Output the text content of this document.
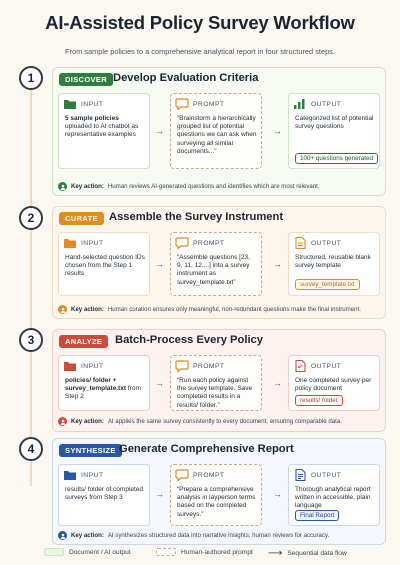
AI-Assisted Policy Survey Workflow
From sample policies to a comprehensive analytical report in four structured steps.
1
2
3
4
DISCOVER Develop Evaluation Criteria
INPUT
5 sample policies uploaded to AI chatbot as representative examples	→
PROMPT
“Brainstorm a hierarchically grouped list of potential questions we can ask when surveying all similar documents...”
→
OUTPUT
Categorized list of potential survey questions
100+ questions generated
Key action: Human reviews AI-generated questions and identifies which are most relevant.
CURATE Assemble the Survey Instrument
INPUT
Hand-selected question IDs chosen from the Step 1 results
→
PROMPT
“Assemble questions [23, 9, 11, 12,...] into a survey instrument as survey_template.txt”
→
OUTPUT
Structured, reusable blank survey template
survey_template.txt
Key action: Human curation ensures only meaningful, non-redundant questions make the final instrument.
ANALYZE	Batch-Process Every Policy
INPUT
policies/ folder + survey_template.txt from Step 2
→
PROMPT
“Run each policy against the survey template. Save completed results in a results/ folder.”
→
OUTPUT
One completed survey per policy document
results/ folder
Key action: AI applies the same survey consistently to every document, ensuring comparable data.
SYNTHESIZE Generate Comprehensive Report
INPUT
results/ folder of completed surveys from Step 3	→
PROMPT
“Prepare a comprehensive analysis in layperson terms based on the completed surveys.”
→
OUTPUT
Thorough analytical report written in accessible, plain language
Final Report
Key action: AI synthesizes structured data into narrative insights; human reviews for accuracy.
Document / AI output	Human-authored prompt ⟶ Sequential data flow
